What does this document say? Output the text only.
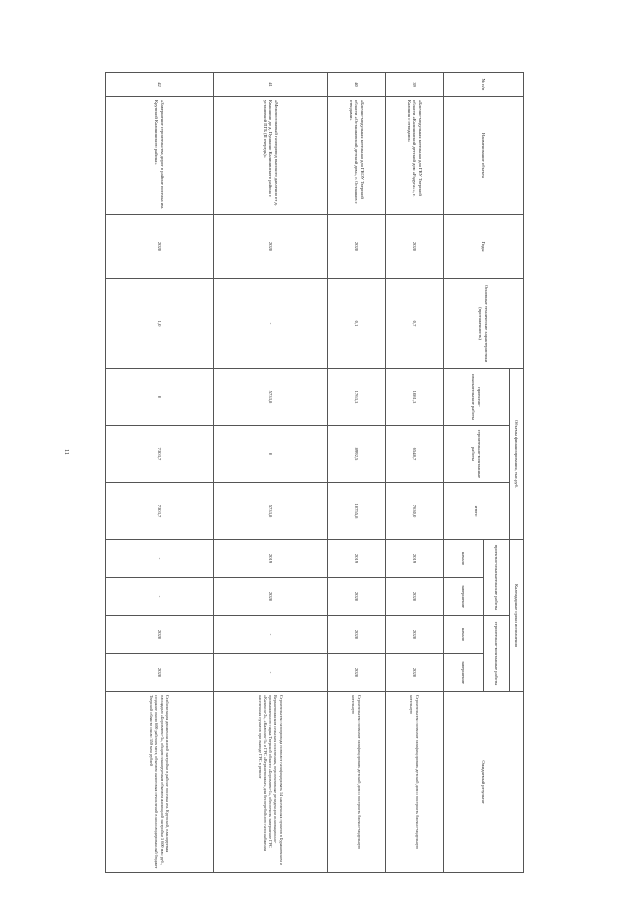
11
№ п/п	Наименование объекта	Годы	Основные технические характеристики (протяженность)	Объемы финансирования, тыс.руб.			Календарные сроки исполнения				Ожидаемый результат
				проектно-изыскательские работы	строительно-монтажные работы	итого	проектно-изыскательские работы		строительно-монтажные работы		
							начало	завершение	начало	завершение	
39	«Блочно-модульная котельная для ГКУ Тверской области «Калининский детский дом «Радуга»», г. Калинин с отводами»	2020	0,7	1081,3	6548,7	7630,0	2019	2020	2020	2020	Строительство позволит газифицировать детский дом и построить блочно-модульную котельную
40	«Блочно-модульная котельная для ГКОУ Тверской области «Осташковский детский дом», г. Осташков с отводами»	2020	0,1	1763,3	8992,5	10755,8	2019	2020	2020	2020	Строительство позволит газифицировать детский дом и построить блочно-модульную котельную
41	«Межпоселковый газопровод высокого давления от д. Квакшино до д. Пушкино Калининского района с установкой ПГБ (II очередь)»	2020	-	5733,8	0	5733,8	2019	2020	-	-	Строительство газопровода позволит газифицировать 14 населенных пунктов в Бурашевском и Верхневолжском сельских поселениях, перспективные резиденции инновационно-промышленного парка Тверской области «Боровлево-1», обеспечить завершение ГРС «Калинин-2», «Калинин-3» и ГРС «Верхневолжье» для бесперебойного газоснабжения населенных пунктов при выводе ГРС в ремонт
42	«Завершение строительства дорог в районе поселка им. Крупской Калининского района»	2020	1,0	0	7303,7	7303,7	-	-	2020	2020	Стабилизация движения жилой застройки в районе поселка им. Крупской, планируемая площадью «Боровлево-3», общим планируемым объемом жилищной застройки 5 600 млн руб., создание около 600 рабочих мест, объемом налоговых отчислений в консолидированный бюджет Тверской области около 350 млн рублей
